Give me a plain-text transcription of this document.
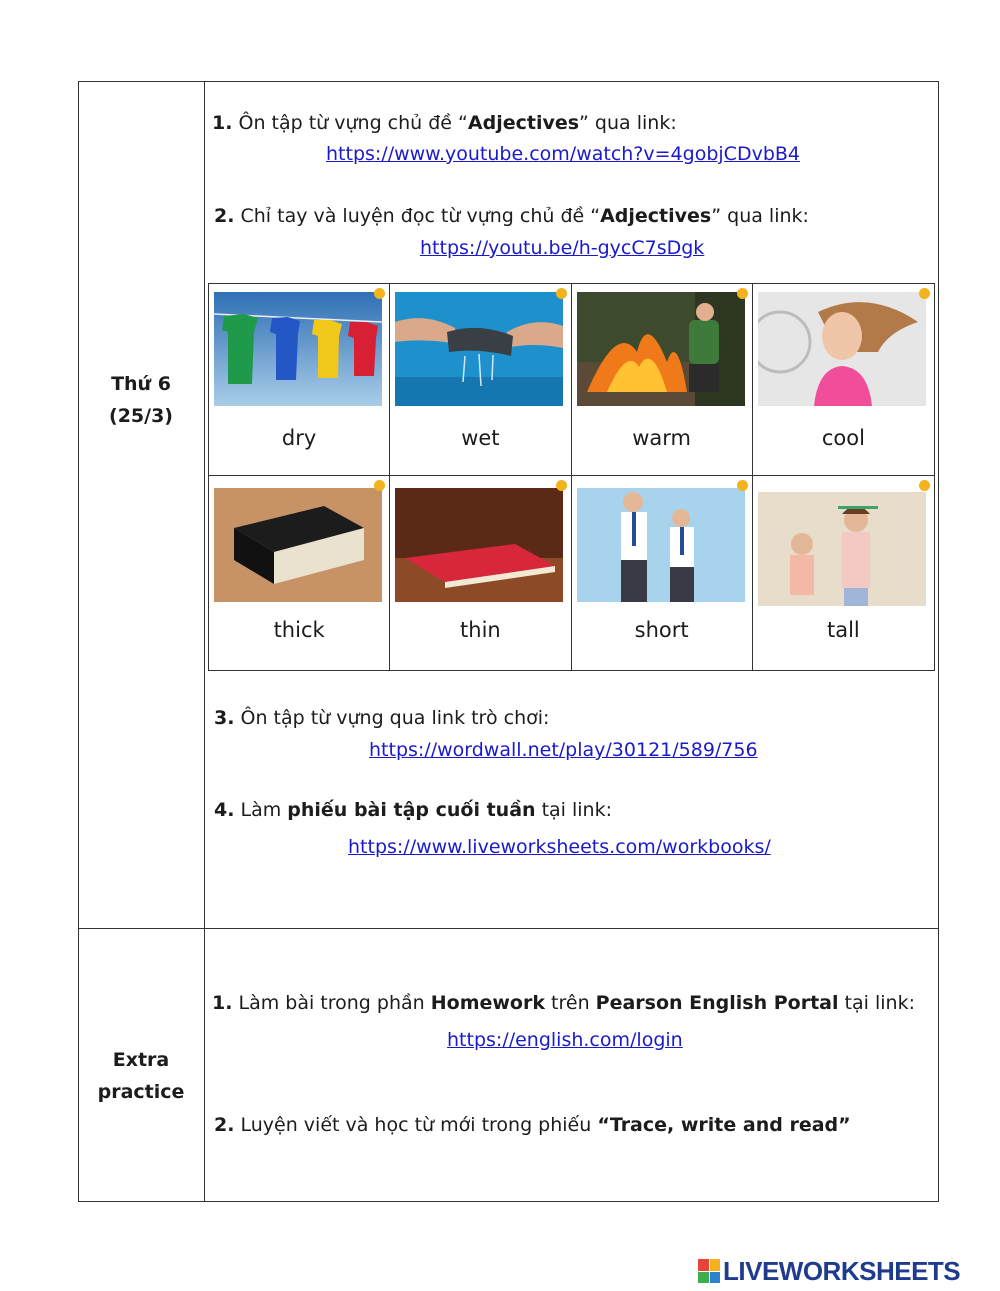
Thứ 6
(25/3)
1. Ôn tập từ vựng chủ đề “Adjectives” qua link:
https://www.youtube.com/watch?v=4gobjCDvbB4
2. Chỉ tay và luyện đọc từ vựng chủ đề “Adjectives” qua link:
https://youtu.be/h-gycC7sDgk
dry	wet	warm	cool
thick	thin	short	tall
3. Ôn tập từ vựng qua link trò chơi:
https://wordwall.net/play/30121/589/756
4. Làm phiếu bài tập cuối tuần tại link:
https://www.liveworksheets.com/workbooks/
Extra
practice
1. Làm bài trong phần Homework trên Pearson English Portal tại link:
https://english.com/login
2. Luyện viết và học từ mới trong phiếu “Trace, write and read”
LIVEWORKSHEETS
